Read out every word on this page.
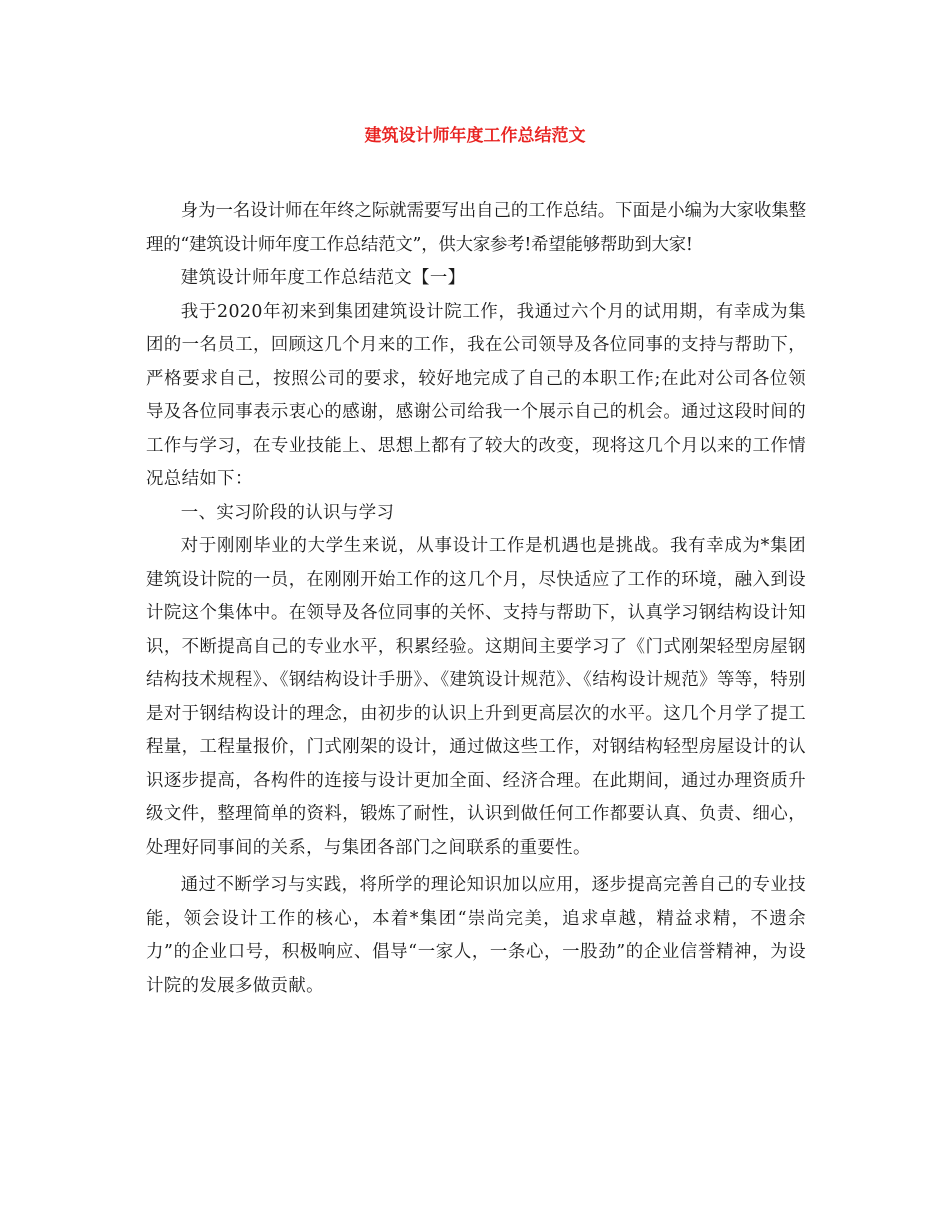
建筑设计师年度工作总结范文

身为一名设计师在年终之际就需要写出自己的工作总结。下面是小编为大家收集整理的“建筑设计师年度工作总结范文”，供大家参考!希望能够帮助到大家!

建筑设计师年度工作总结范文【一】

我于2020年初来到集团建筑设计院工作，我通过六个月的试用期，有幸成为集团的一名员工，回顾这几个月来的工作，我在公司领导及各位同事的支持与帮助下，严格要求自己，按照公司的要求，较好地完成了自己的本职工作;在此对公司各位领导及各位同事表示衷心的感谢，感谢公司给我一个展示自己的机会。通过这段时间的工作与学习，在专业技能上、思想上都有了较大的改变，现将这几个月以来的工作情况总结如下：

一、实习阶段的认识与学习

对于刚刚毕业的大学生来说，从事设计工作是机遇也是挑战。我有幸成为*集团建筑设计院的一员，在刚刚开始工作的这几个月，尽快适应了工作的环境，融入到设计院这个集体中。在领导及各位同事的关怀、支持与帮助下，认真学习钢结构设计知识，不断提高自己的专业水平，积累经验。这期间主要学习了《门式刚架轻型房屋钢结构技术规程》、《钢结构设计手册》、《建筑设计规范》、《结构设计规范》等等，特别是对于钢结构设计的理念，由初步的认识上升到更高层次的水平。这几个月学了提工程量，工程量报价，门式刚架的设计，通过做这些工作，对钢结构轻型房屋设计的认识逐步提高，各构件的连接与设计更加全面、经济合理。在此期间，通过办理资质升级文件，整理简单的资料，锻炼了耐性，认识到做任何工作都要认真、负责、细心，处理好同事间的关系，与集团各部门之间联系的重要性。

通过不断学习与实践，将所学的理论知识加以应用，逐步提高完善自己的专业技能，领会设计工作的核心，本着*集团“崇尚完美，追求卓越，精益求精，不遗余力”的企业口号，积极响应、倡导“一家人，一条心，一股劲”的企业信誉精神，为设计院的发展多做贡献。
